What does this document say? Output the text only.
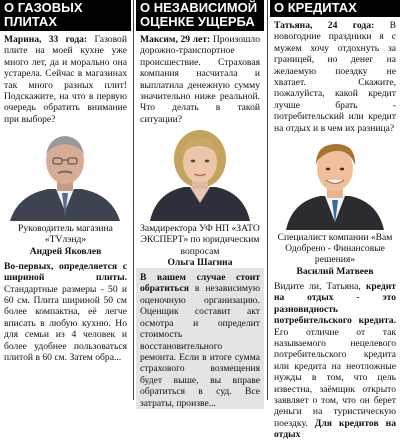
О ГАЗОВЫХ ПЛИТАХ
Марина, 33 года: Газовой плите на моей кухне уже много лет, да и морально она устарела. Сейчас в магазинах так много разных плит! Подскажите, на что в первую очередь обратить внимание при выборе?
Руководитель магазина «TVлэнд»
Андрей Яковлев
Во-первых, определяется с шириной плиты. Стандартные размеры - 50 и 60 см. Плита шириной 50 см более компактна, её легче вписать в любую кухню. Но для семьи из 4 человек и более удобнее пользоваться плитой в 60 см. Затем обра...
О НЕЗАВИСИМОЙ ОЦЕНКЕ УЩЕРБА
Максим, 29 лет: Произошло дорожно-транспортное происшествие. Страховая компания насчитала и выплатила денежную сумму значительно ниже реальной. Что делать в такой ситуации?
Замдиректора УФ НП «ЗАТО ЭКСПЕРТ» по юридическим вопросам
Ольга Шагина
В вашем случае стоит обратиться в независимую оценочную организацию. Оценщик составит акт осмотра и определит стоимость восстановительного ремонта. Если в итоге сумма страхового возмещения будет выше, вы вправе обратиться в суд. Все затраты, произве...
О КРЕДИТАХ
Татьяна, 24 года: В новогодние праздники я с мужем хочу отдохнуть за границей, но денег на желаемую поездку не хватает. Скажите, пожалуйста, какой кредит лучше брать - потребительский или кредит на отдых и в чем их разница?
Специалист компании «Вам Одобрено - Финансовые решения»
Василий Матвеев
Видите ли, Татьяна, кредит на отдых - это разновидность потребительского кредита. Его отличие от так называемого нецелевого потребительского кредита или кредита на неотложные нужды в том, что цель известна, заёмщик открыто заявляет о том, что он берет деньги на туристическую поездку. Для кредитов на отдых
